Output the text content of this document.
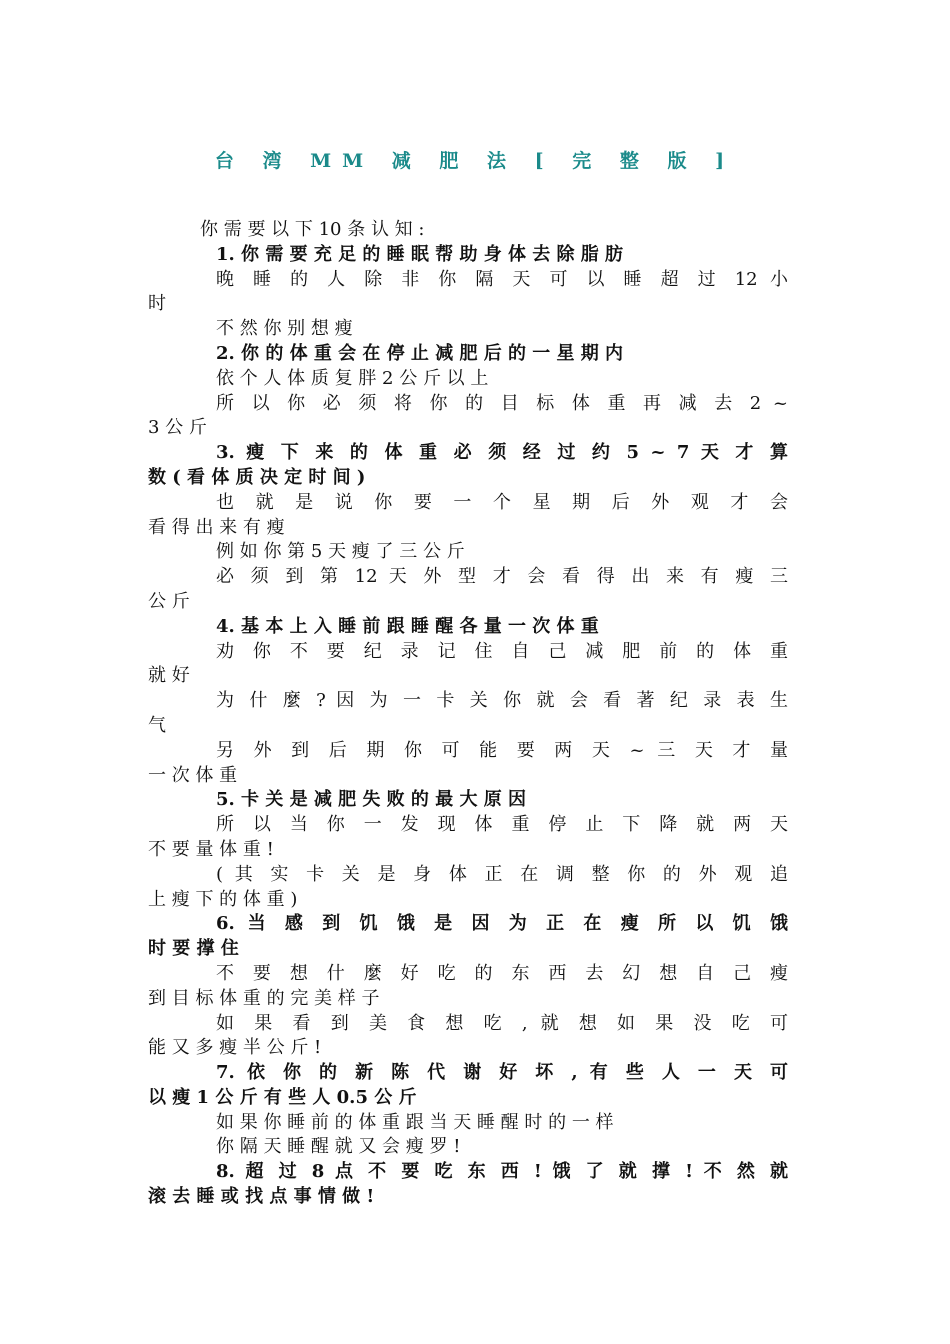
台 湾 MM 减 肥 法 [ 完 整 版 ]
你 需 要 以 下 10 条 认 知 :
1. 你 需 要 充 足 的 睡 眠 帮 助 身 体 去 除 脂 肪
晚 睡 的 人 除 非 你 隔 天 可 以 睡 超 过 12 小
时
不 然 你 别 想 瘦
2. 你 的 体 重 会 在 停 止 减 肥 后 的 一 星 期 内
依 个 人 体 质 复 胖 2 公 斤 以 上
所 以 你 必 须 将 你 的 目 标 体 重 再 减 去 2 ~
3 公 斤
3. 瘦 下 来 的 体 重 必 须 经 过 约 5 ~ 7 天 才 算
数 ( 看 体 质 决 定 时 间 )
也 就 是 说 你 要 一 个 星 期 后 外 观 才 会
看 得 出 来 有 瘦
例 如 你 第 5 天 瘦 了 三 公 斤
必 须 到 第 12 天 外 型 才 会 看 得 出 来 有 瘦 三
公 斤
4. 基 本 上 入 睡 前 跟 睡 醒 各 量 一 次 体 重
劝 你 不 要 纪 录 记 住 自 己 减 肥 前 的 体 重
就 好
为 什 麼 ? 因 为 一 卡 关 你 就 会 看 著 纪 录 表 生
气
另 外 到 后 期 你 可 能 要 两 天 ~ 三 天 才 量
一 次 体 重
5. 卡 关 是 减 肥 失 败 的 最 大 原 因
所 以 当 你 一 发 现 体 重 停 止 下 降 就 两 天
不 要 量 体 重 !
( 其 实 卡 关 是 身 体 正 在 调 整 你 的 外 观 追
上 瘦 下 的 体 重 )
6. 当 感 到 饥 饿 是 因 为 正 在 瘦 所 以 饥 饿
时 要 撑 住
不 要 想 什 麼 好 吃 的 东 西 去 幻 想 自 己 瘦
到 目 标 体 重 的 完 美 样 子
如 果 看 到 美 食 想 吃 , 就 想 如 果 没 吃 可
能 又 多 瘦 半 公 斤 !
7. 依 你 的 新 陈 代 谢 好 坏 , 有 些 人 一 天 可
以 瘦 1 公 斤 有 些 人 0.5 公 斤
如 果 你 睡 前 的 体 重 跟 当 天 睡 醒 时 的 一 样
你 隔 天 睡 醒 就 又 会 瘦 罗 !
8. 超 过 8 点 不 要 吃 东 西 ! 饿 了 就 撑 ! 不 然 就
滚 去 睡 或 找 点 事 情 做 !
